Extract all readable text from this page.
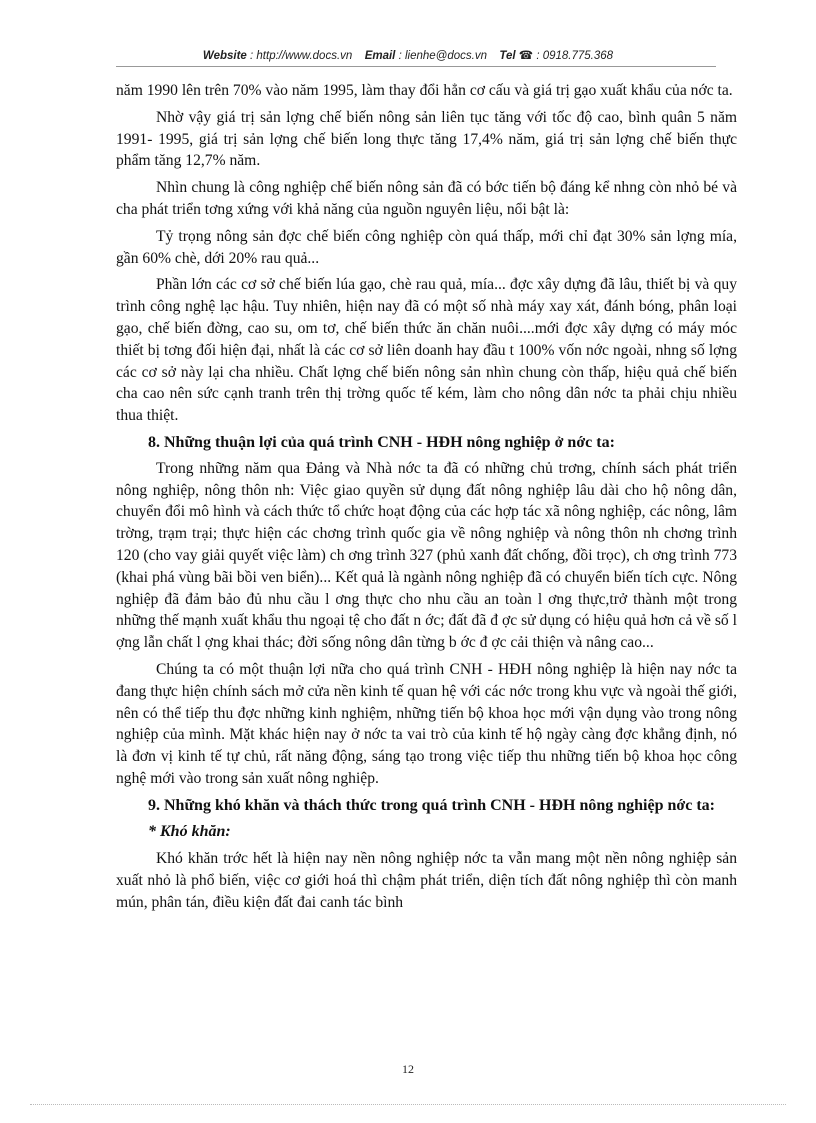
Website : http://www.docs.vn Email : lienhe@docs.vn Tel ☎ : 0918.775.368

năm 1990 lên trên 70% vào năm 1995, làm thay đổi hẳn cơ cấu và giá trị gạo xuất khẩu của nớc ta.

Nhờ vậy giá trị sản lợng chế biến nông sản liên tục tăng với tốc độ cao, bình quân 5 năm 1991- 1995, giá trị sản lợng chế biến long thực tăng 17,4% năm, giá trị sản lợng chế biến thực phẩm tăng 12,7% năm.

Nhìn chung là công nghiệp chế biến nông sản đã có bớc tiến bộ đáng kể nhng còn nhỏ bé và cha phát triển tơng xứng với khả năng của nguồn nguyên liệu, nổi bật là:

Tỷ trọng nông sản đợc chế biến công nghiệp còn quá thấp, mới chỉ đạt 30% sản lợng mía, gần 60% chè, dới 20% rau quả...

Phần lớn các cơ sở chế biến lúa gạo, chè rau quả, mía... đợc xây dựng đã lâu, thiết bị và quy trình công nghệ lạc hậu. Tuy nhiên, hiện nay đã có một số nhà máy xay xát, đánh bóng, phân loại gạo, chế biến đờng, cao su, om tơ, chế biến thức ăn chăn nuôi....mới đợc xây dựng có máy móc thiết bị tơng đối hiện đại, nhất là các cơ sở liên doanh hay đầu t 100% vốn nớc ngoài, nhng số lợng các cơ sở này lại cha nhiều. Chất lợng chế biến nông sản nhìn chung còn thấp, hiệu quả chế biến cha cao nên sức cạnh tranh trên thị trờng quốc tế kém, làm cho nông dân nớc ta phải chịu nhiều thua thiệt.

8. Những thuận lợi của quá trình CNH - HĐH nông nghiệp ở nớc ta:

Trong những năm qua Đảng và Nhà nớc ta đã có những chủ trơng, chính sách phát triển nông nghiệp, nông thôn nh: Việc giao quyền sử dụng đất nông nghiệp lâu dài cho hộ nông dân, chuyển đổi mô hình và cách thức tổ chức hoạt động của các hợp tác xã nông nghiệp, các nông, lâm trờng, trạm trại; thực hiện các chơng trình quốc gia về nông nghiệp và nông thôn nh chơng trình 120 (cho vay giải quyết việc làm) ch ơng trình 327 (phủ xanh đất chống, đồi trọc), ch ơng trình 773 (khai phá vùng bãi bồi ven biển)... Kết quả là ngành nông nghiệp đã có chuyển biến tích cực. Nông nghiệp đã đảm bảo đủ nhu cầu l ơng thực cho nhu cầu an toàn l ơng thực,trở thành một trong những thế mạnh xuất khẩu thu ngoại tệ cho đất n ớc; đất đã đ ợc sử dụng có hiệu quả hơn cả về số l ợng lẫn chất l ợng khai thác; đời sống nông dân từng b ớc đ ợc cải thiện và nâng cao...

Chúng ta có một thuận lợi nữa cho quá trình CNH - HĐH nông nghiệp là hiện nay nớc ta đang thực hiện chính sách mở cửa nền kinh tế quan hệ với các nớc trong khu vực và ngoài thế giới, nên có thể tiếp thu đợc những kinh nghiệm, những tiến bộ khoa học mới vận dụng vào trong nông nghiệp của mình. Mặt khác hiện nay ở nớc ta vai trò của kinh tế hộ ngày càng đợc khẳng định, nó là đơn vị kinh tế tự chủ, rất năng động, sáng tạo trong việc tiếp thu những tiến bộ khoa học công nghệ mới vào trong sản xuất nông nghiệp.

9. Những khó khăn và thách thức trong quá trình CNH - HĐH nông nghiệp nớc ta:
* Khó khăn:

Khó khăn trớc hết là hiện nay nền nông nghiệp nớc ta vẫn mang một nền nông nghiệp sản xuất nhỏ là phổ biến, việc cơ giới hoá thì chậm phát triển, diện tích đất nông nghiệp thì còn manh mún, phân tán, điều kiện đất đai canh tác bình

12
